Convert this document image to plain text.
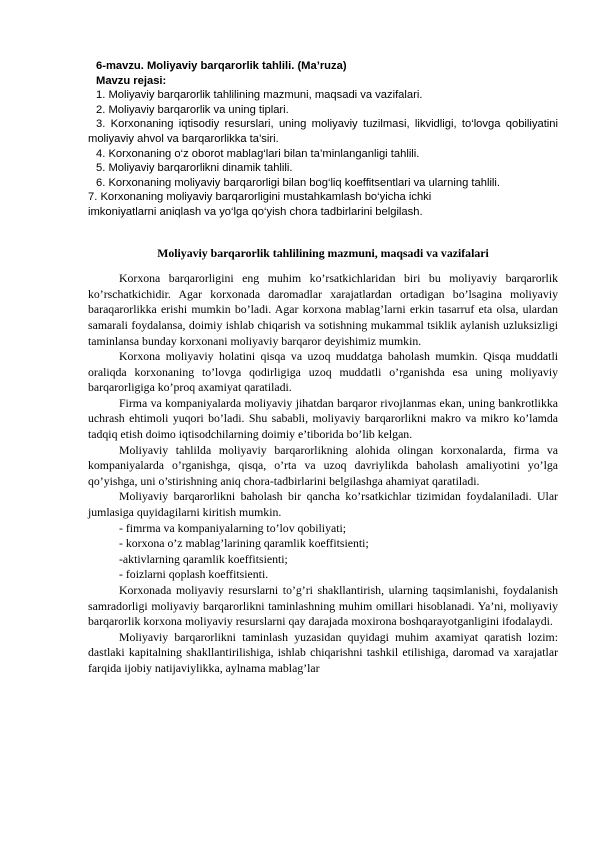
6-mavzu. Moliyaviy barqarorlik tahlili. (Ma’ruza)

Mavzu rejasi:

1. Moliyaviy barqarorlik tahlilining mazmuni, maqsadi va vazifalari.

2. Moliyaviy barqarorlik va uning tiplari.

3. Korxonaning iqtisodiy resurslari, uning moliyaviy tuzilmasi, likvidligi, to‘lovga qobiliyatini moliyaviy ahvol va barqarorlikka ta’siri.

4. Korxonaning o‘z oborot mablag‘lari bilan ta’minlanganligi tahlili.

5. Moliyaviy barqarorlikni dinamik tahlili.

6. Korxonaning moliyaviy barqarorligi bilan bog‘liq koeffitsentlari va ularning tahlili.

7. Korxonaning moliyaviy barqarorligini mustahkamlash bo‘yicha ichki imkoniyatlarni aniqlash va yo‘lga qo‘yish chora tadbirlarini belgilash.

Moliyaviy barqarorlik tahlilining mazmuni, maqsadi va vazifalari

Korxona barqarorligini eng muhim ko’rsatkichlaridan biri bu moliyaviy barqarorlik ko’rschatkichidir. Agar korxonada daromadlar xarajatlardan ortadigan bo’lsagina moliyaviy baraqarorlikka erishi mumkin bo’ladi. Agar korxona mablag’larni erkin tasarruf eta olsa, ulardan samarali foydalansa, doimiy ishlab chiqarish va sotishning mukammal tsiklik aylanish uzluksizligi taminlansa bunday korxonani moliyaviy barqaror deyishimiz mumkin.

Korxona moliyaviy holatini qisqa va uzoq muddatga baholash mumkin. Qisqa muddatli oraliqda korxonaning to’lovga qodirligiga uzoq muddatli o’rganishda esa uning moliyaviy barqarorligiga ko’proq axamiyat qaratiladi.

Firma va kompaniyalarda moliyaviy jihatdan barqaror rivojlanmas ekan, uning bankrotlikka uchrash ehtimoli yuqori bo’ladi. Shu sababli, moliyaviy barqarorlikni makro va mikro ko’lamda tadqiq etish doimo iqtisodchilarning doimiy e’tiborida bo’lib kelgan.

Moliyaviy tahlilda moliyaviy barqarorlikning alohida olingan korxonalarda, firma va kompaniyalarda o’rganishga, qisqa, o’rta va uzoq davriylikda baholash amaliyotini yo’lga qo’yishga, uni o’stirishning aniq chora-tadbirlarini belgilashga ahamiyat qaratiladi.

Moliyaviy barqarorlikni baholash bir qancha ko’rsatkichlar tizimidan foydalaniladi. Ular jumlasiga quyidagilarni kiritish mumkin.

- fimrma va kompaniyalarning to’lov qobiliyati;

- korxona o’z mablag’larining qaramlik koeffitsienti;

-aktivlarning qaramlik koeffitsienti;

- foizlarni qoplash koeffitsienti.

Korxonada moliyaviy resurslarni to’g’ri shakllantirish, ularning taqsimlanishi, foydalanish samradorligi moliyaviy barqarorlikni taminlashning muhim omillari hisoblanadi. Ya’ni, moliyaviy barqarorlik korxona moliyaviy resurslarni qay darajada moxirona boshqarayotganligini ifodalaydi.

Moliyaviy barqarorlikni taminlash yuzasidan quyidagi muhim axamiyat qaratish lozim: dastlaki kapitalning shakllantirilishiga, ishlab chiqarishni tashkil etilishiga, daromad va xarajatlar farqida ijobiy natijaviylikka, aylnama mablag’lar
